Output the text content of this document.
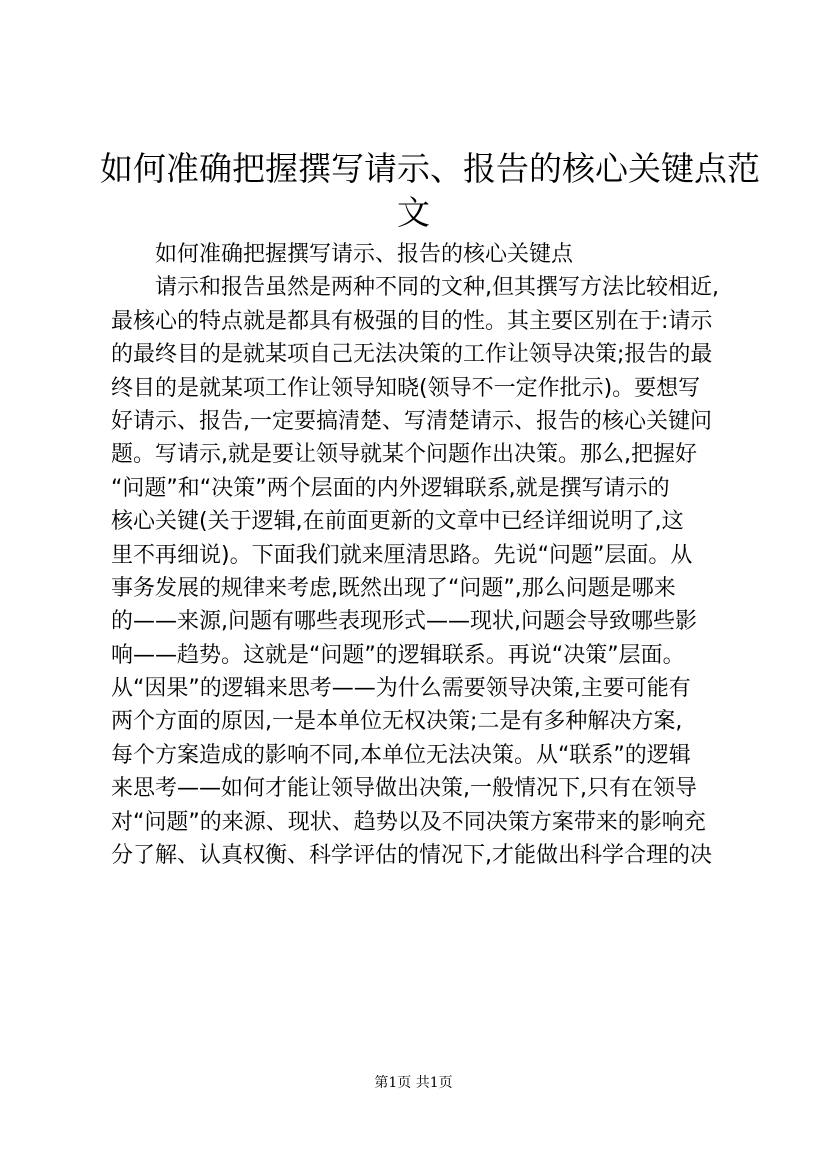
如何准确把握撰写请示、报告的核心关键点范
文
如何准确把握撰写请示、报告的核心关键点
请示和报告虽然是两种不同的文种,但其撰写方法比较相近,
最核心的特点就是都具有极强的目的性。其主要区别在于:请示
的最终目的是就某项自己无法决策的工作让领导决策;报告的最
终目的是就某项工作让领导知晓(领导不一定作批示)。要想写
好请示、报告,一定要搞清楚、写清楚请示、报告的核心关键问
题。写请示,就是要让领导就某个问题作出决策。那么,把握好
“问题”和“决策”两个层面的内外逻辑联系,就是撰写请示的
核心关键(关于逻辑,在前面更新的文章中已经详细说明了,这
里不再细说)。下面我们就来厘清思路。先说“问题”层面。从
事务发展的规律来考虑,既然出现了“问题”,那么问题是哪来
的——来源,问题有哪些表现形式——现状,问题会导致哪些影
响——趋势。这就是“问题”的逻辑联系。再说“决策”层面。
从“因果”的逻辑来思考——为什么需要领导决策,主要可能有
两个方面的原因,一是本单位无权决策;二是有多种解决方案,
每个方案造成的影响不同,本单位无法决策。从“联系”的逻辑
来思考——如何才能让领导做出决策,一般情况下,只有在领导
对“问题”的来源、现状、趋势以及不同决策方案带来的影响充
分了解、认真权衡、科学评估的情况下,才能做出科学合理的决
第1页 共1页
